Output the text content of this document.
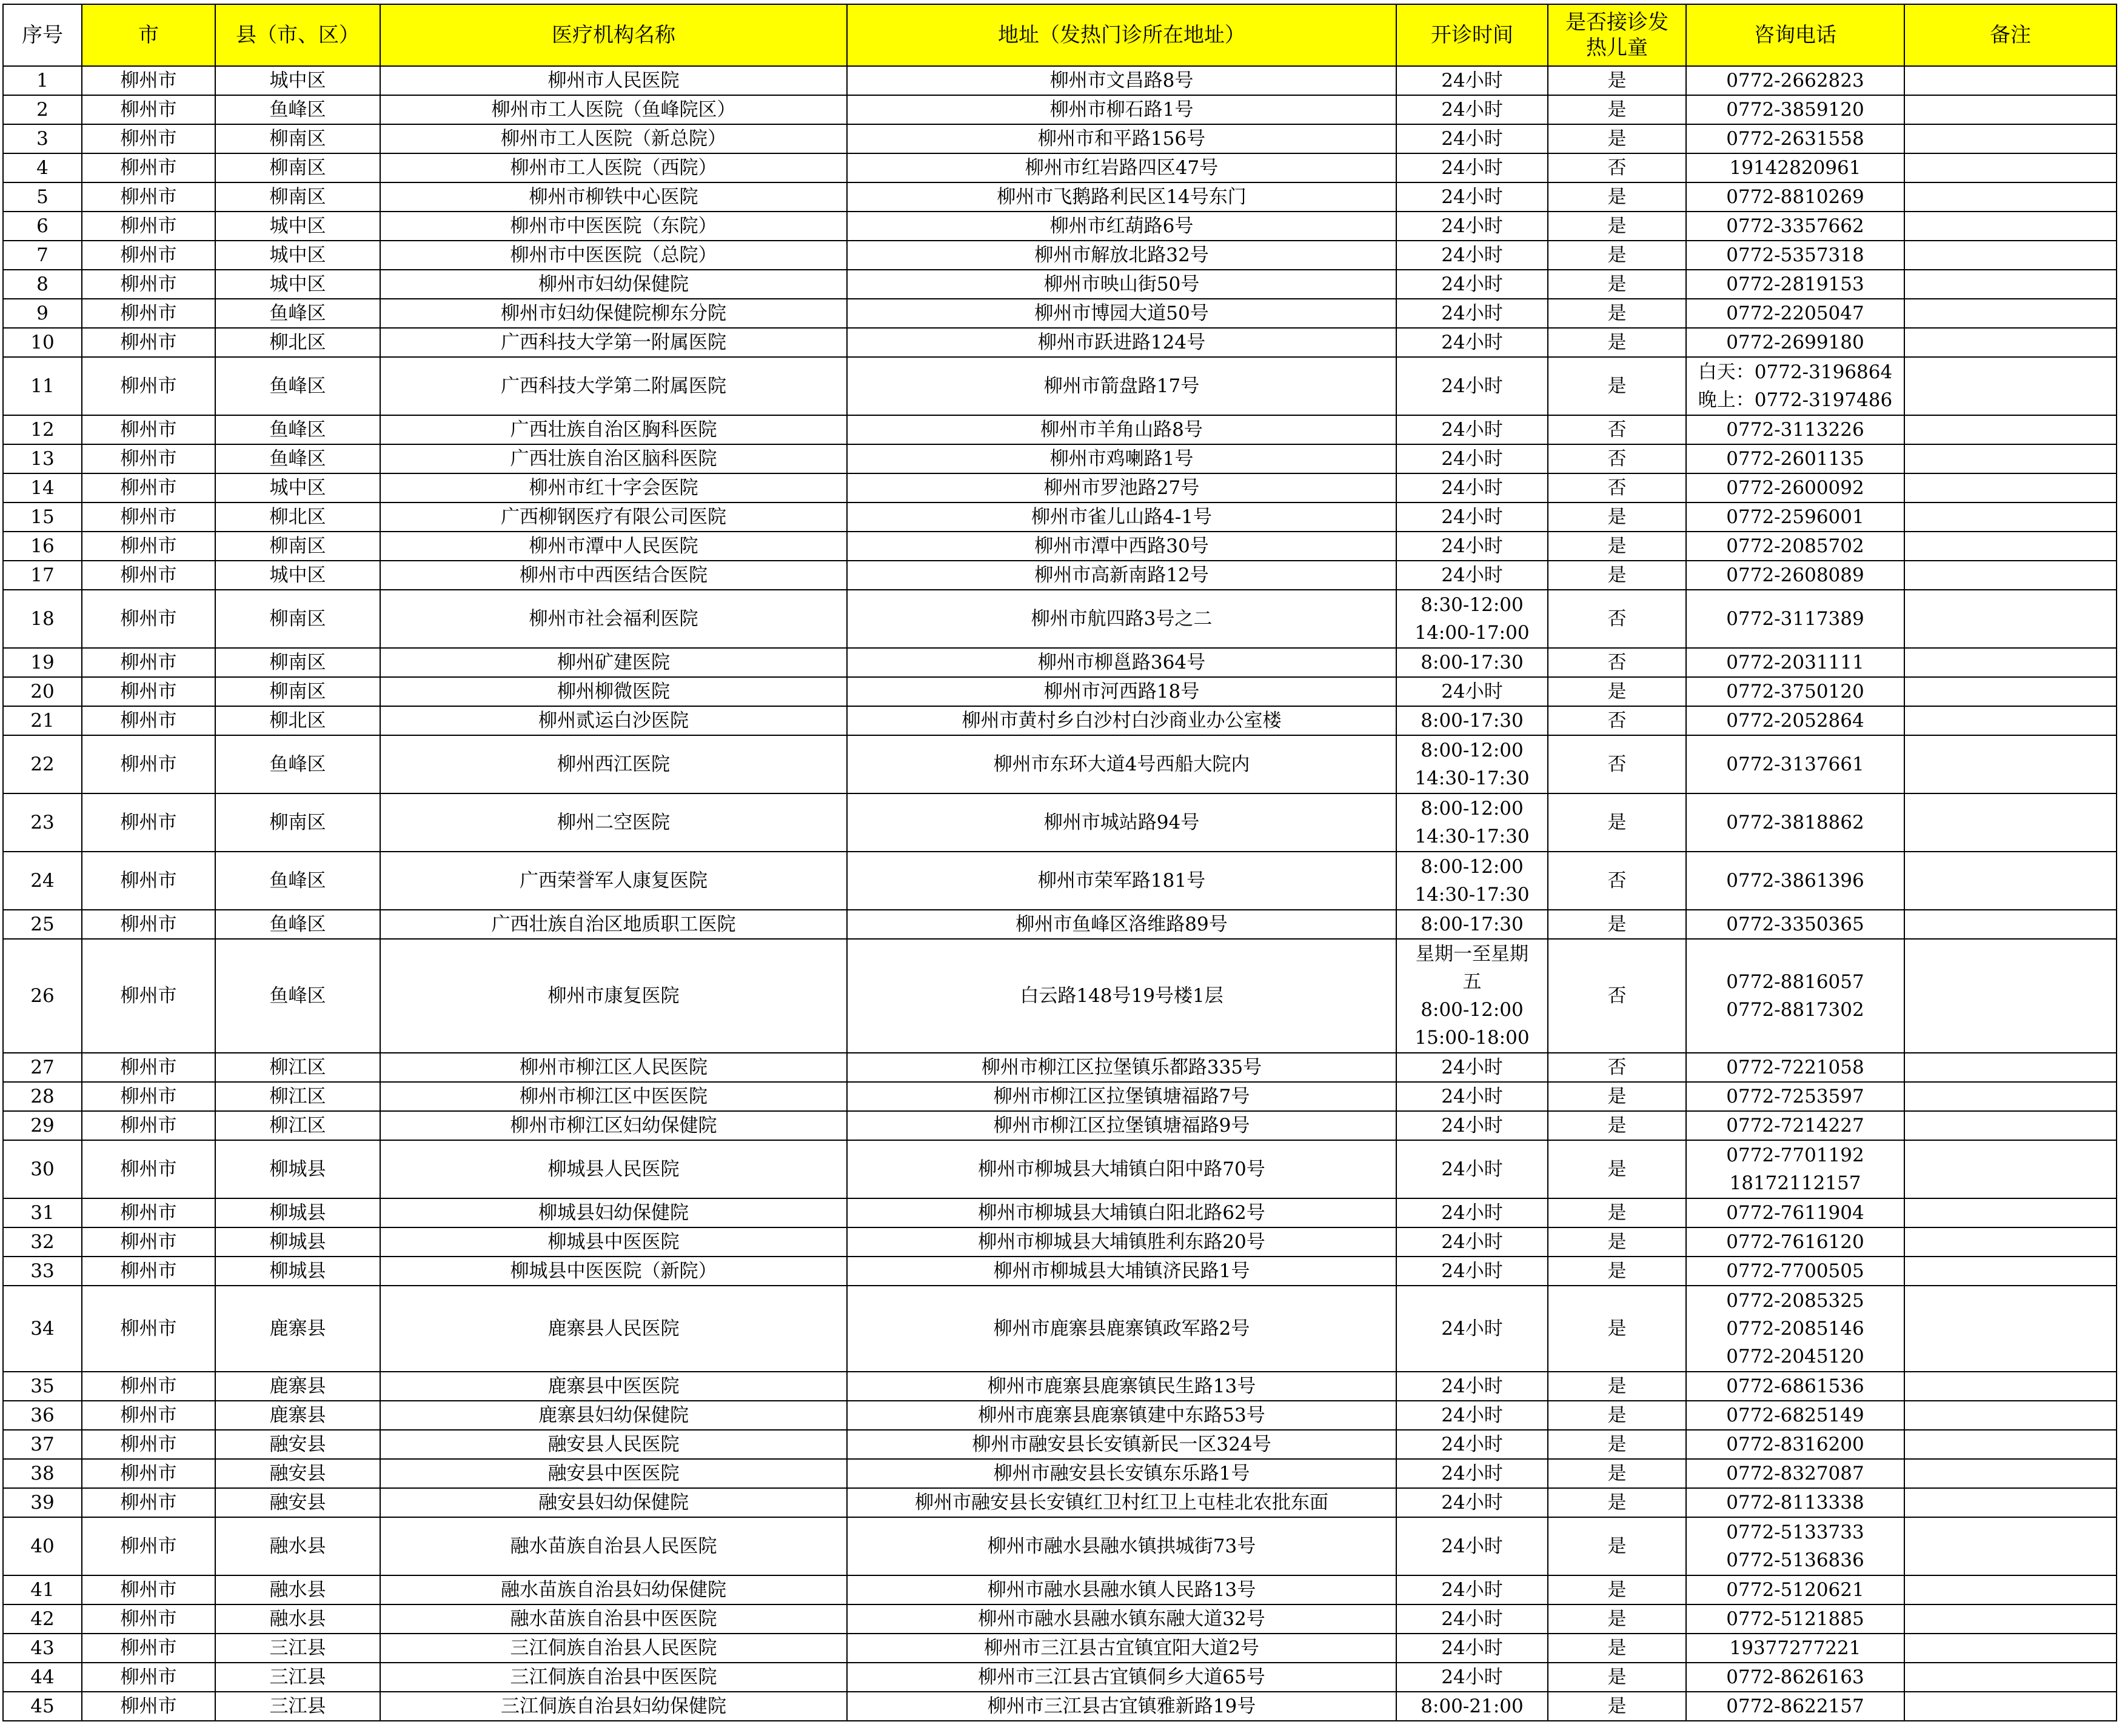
序号	市	县（市、区）	医疗机构名称	地址（发热门诊所在地址）	开诊时间	是否接诊发热儿童	咨询电话	备注
1	柳州市	城中区	柳州市人民医院	柳州市文昌路8号	24小时	是	0772-2662823	

2	柳州市	鱼峰区	柳州市工人医院（鱼峰院区）	柳州市柳石路1号	24小时	是	0772-3859120	

3	柳州市	柳南区	柳州市工人医院（新总院）	柳州市和平路156号	24小时	是	0772-2631558	

4	柳州市	柳南区	柳州市工人医院（西院）	柳州市红岩路四区47号	24小时	否	19142820961	

5	柳州市	柳南区	柳州市柳铁中心医院	柳州市飞鹅路利民区14号东门	24小时	是	0772-8810269	

6	柳州市	城中区	柳州市中医医院（东院）	柳州市红葫路6号	24小时	是	0772-3357662	

7	柳州市	城中区	柳州市中医医院（总院）	柳州市解放北路32号	24小时	是	0772-5357318	

8	柳州市	城中区	柳州市妇幼保健院	柳州市映山街50号	24小时	是	0772-2819153	

9	柳州市	鱼峰区	柳州市妇幼保健院柳东分院	柳州市博园大道50号	24小时	是	0772-2205047	

10	柳州市	柳北区	广西科技大学第一附属医院	柳州市跃进路124号	24小时	是	0772-2699180	

11	柳州市	鱼峰区	广西科技大学第二附属医院	柳州市箭盘路17号	24小时	是	白天：0772-3196864
晚上：0772-3197486	

12	柳州市	鱼峰区	广西壮族自治区胸科医院	柳州市羊角山路8号	24小时	否	0772-3113226	

13	柳州市	鱼峰区	广西壮族自治区脑科医院	柳州市鸡喇路1号	24小时	否	0772-2601135	

14	柳州市	城中区	柳州市红十字会医院	柳州市罗池路27号	24小时	否	0772-2600092	

15	柳州市	柳北区	广西柳钢医疗有限公司医院	柳州市雀儿山路4-1号	24小时	是	0772-2596001	

16	柳州市	柳南区	柳州市潭中人民医院	柳州市潭中西路30号	24小时	是	0772-2085702	

17	柳州市	城中区	柳州市中西医结合医院	柳州市高新南路12号	24小时	是	0772-2608089	

18	柳州市	柳南区	柳州市社会福利医院	柳州市航四路3号之二	8:30-12:00
14:00-17:00	否	0772-3117389	

19	柳州市	柳南区	柳州矿建医院	柳州市柳邕路364号	8:00-17:30	否	0772-2031111	

20	柳州市	柳南区	柳州柳微医院	柳州市河西路18号	24小时	是	0772-3750120	

21	柳州市	柳北区	柳州贰运白沙医院	柳州市黄村乡白沙村白沙商业办公室楼	8:00-17:30	否	0772-2052864	

22	柳州市	鱼峰区	柳州西江医院	柳州市东环大道4号西船大院内	8:00-12:00
14:30-17:30	否	0772-3137661	

23	柳州市	柳南区	柳州二空医院	柳州市城站路94号	8:00-12:00
14:30-17:30	是	0772-3818862	

24	柳州市	鱼峰区	广西荣誉军人康复医院	柳州市荣军路181号	8:00-12:00
14:30-17:30	否	0772-3861396	

25	柳州市	鱼峰区	广西壮族自治区地质职工医院	柳州市鱼峰区洛维路89号	8:00-17:30	是	0772-3350365	

26	柳州市	鱼峰区	柳州市康复医院	白云路148号19号楼1层	星期一至星期
五
8:00-12:00
15:00-18:00	否	0772-8816057
0772-8817302	

27	柳州市	柳江区	柳州市柳江区人民医院	柳州市柳江区拉堡镇乐都路335号	24小时	否	0772-7221058	

28	柳州市	柳江区	柳州市柳江区中医医院	柳州市柳江区拉堡镇塘福路7号	24小时	是	0772-7253597	

29	柳州市	柳江区	柳州市柳江区妇幼保健院	柳州市柳江区拉堡镇塘福路9号	24小时	是	0772-7214227	

30	柳州市	柳城县	柳城县人民医院	柳州市柳城县大埔镇白阳中路70号	24小时	是	0772-7701192
18172112157	

31	柳州市	柳城县	柳城县妇幼保健院	柳州市柳城县大埔镇白阳北路62号	24小时	是	0772-7611904	

32	柳州市	柳城县	柳城县中医医院	柳州市柳城县大埔镇胜利东路20号	24小时	是	0772-7616120	

33	柳州市	柳城县	柳城县中医医院（新院）	柳州市柳城县大埔镇济民路1号	24小时	是	0772-7700505	

34	柳州市	鹿寨县	鹿寨县人民医院	柳州市鹿寨县鹿寨镇政军路2号	24小时	是	0772-2085325
0772-2085146
0772-2045120	

35	柳州市	鹿寨县	鹿寨县中医医院	柳州市鹿寨县鹿寨镇民生路13号	24小时	是	0772-6861536	

36	柳州市	鹿寨县	鹿寨县妇幼保健院	柳州市鹿寨县鹿寨镇建中东路53号	24小时	是	0772-6825149	

37	柳州市	融安县	融安县人民医院	柳州市融安县长安镇新民一区324号	24小时	是	0772-8316200	

38	柳州市	融安县	融安县中医医院	柳州市融安县长安镇东乐路1号	24小时	是	0772-8327087	

39	柳州市	融安县	融安县妇幼保健院	柳州市融安县长安镇红卫村红卫上屯桂北农批东面	24小时	是	0772-8113338	

40	柳州市	融水县	融水苗族自治县人民医院	柳州市融水县融水镇拱城街73号	24小时	是	0772-5133733
0772-5136836	

41	柳州市	融水县	融水苗族自治县妇幼保健院	柳州市融水县融水镇人民路13号	24小时	是	0772-5120621	

42	柳州市	融水县	融水苗族自治县中医医院	柳州市融水县融水镇东融大道32号	24小时	是	0772-5121885	

43	柳州市	三江县	三江侗族自治县人民医院	柳州市三江县古宜镇宜阳大道2号	24小时	是	19377277221	

44	柳州市	三江县	三江侗族自治县中医医院	柳州市三江县古宜镇侗乡大道65号	24小时	是	0772-8626163	

45	柳州市	三江县	三江侗族自治县妇幼保健院	柳州市三江县古宜镇雅新路19号	8:00-21:00	是	0772-8622157	
